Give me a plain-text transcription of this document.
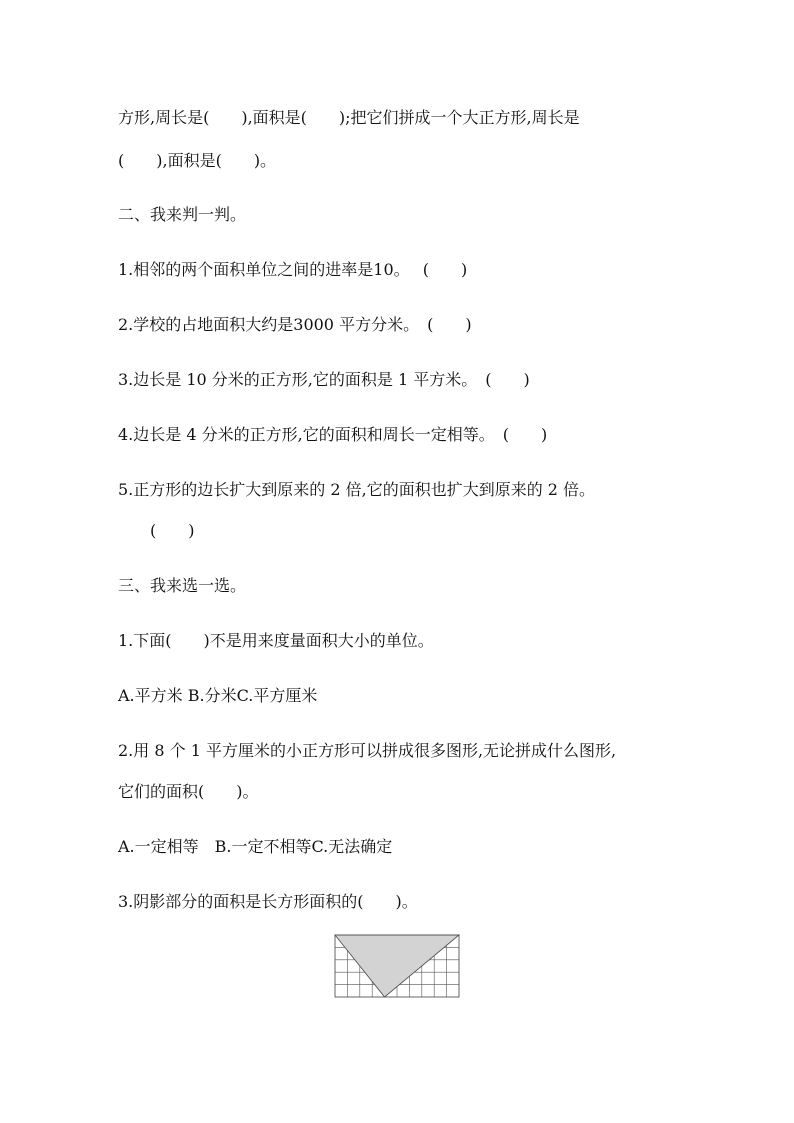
方形,周长是(　　),面积是(　　);把它们拼成一个大正方形,周长是
(　　),面积是(　　)。
二、我来判一判。
1.相邻的两个面积单位之间的进率是10。　 (　　)
2.学校的占地面积大约是3000 平方分米。　(　　)
3.边长是 10 分米的正方形,它的面积是 1 平方米。　(　　)
4.边长是 4 分米的正方形,它的面积和周长一定相等。　(　　)
5.正方形的边长扩大到原来的 2 倍,它的面积也扩大到原来的 2 倍。
(　　)
三、我来选一选。
1.下面(　　)不是用来度量面积大小的单位。
A.平方米 B.分米C.平方厘米
2.用 8 个 1 平方厘米的小正方形可以拼成很多图形,无论拼成什么图形,
它们的面积(　　)。
A.一定相等　B.一定不相等C.无法确定
3.阴影部分的面积是长方形面积的(　　)。
